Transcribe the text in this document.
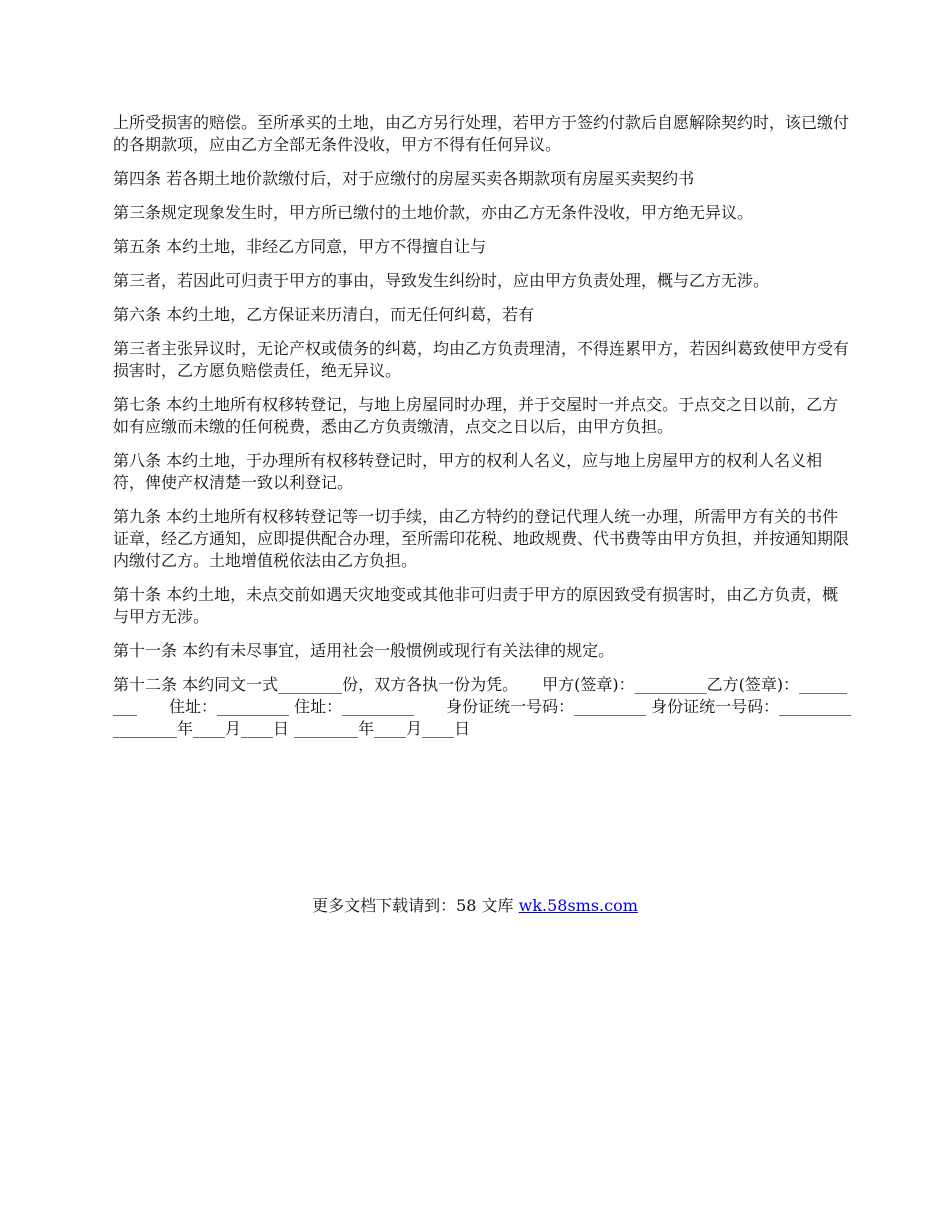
上所受损害的赔偿。至所承买的土地，由乙方另行处理，若甲方于签约付款后自愿解除契约时，该已缴付的各期款项，应由乙方全部无条件没收，甲方不得有任何异议。

第四条 若各期土地价款缴付后，对于应缴付的房屋买卖各期款项有房屋买卖契约书

第三条规定现象发生时，甲方所已缴付的土地价款，亦由乙方无条件没收，甲方绝无异议。

第五条 本约土地，非经乙方同意，甲方不得擅自让与

第三者，若因此可归责于甲方的事由，导致发生纠纷时，应由甲方负责处理，概与乙方无涉。

第六条 本约土地，乙方保证来历清白，而无任何纠葛，若有

第三者主张异议时，无论产权或债务的纠葛，均由乙方负责理清，不得连累甲方，若因纠葛致使甲方受有损害时，乙方愿负赔偿责任，绝无异议。

第七条 本约土地所有权移转登记，与地上房屋同时办理，并于交屋时一并点交。于点交之日以前，乙方如有应缴而未缴的任何税费，悉由乙方负责缴清，点交之日以后，由甲方负担。

第八条 本约土地，于办理所有权移转登记时，甲方的权利人名义，应与地上房屋甲方的权利人名义相符，俾使产权清楚一致以利登记。

第九条 本约土地所有权移转登记等一切手续，由乙方特约的登记代理人统一办理，所需甲方有关的书件证章，经乙方通知，应即提供配合办理，至所需印花税、地政规费、代书费等由甲方负担，并按通知期限内缴付乙方。土地增值税依法由乙方负担。

第十条 本约土地，未点交前如遇天灾地变或其他非可归责于甲方的原因致受有损害时，由乙方负责，概与甲方无涉。

第十一条 本约有未尽事宜，适用社会一般惯例或现行有关法律的规定。

第十二条 本约同文一式________份，双方各执一份为凭。　　甲方(签章)：_________乙方(签章)：_________　　住址：_________ 住址：_________　　身份证统一号码：_________ 身份证统一号码：_________　　________年____月____日 ________年____月____日

更多文档下载请到：58 文库 wk.58sms.com
